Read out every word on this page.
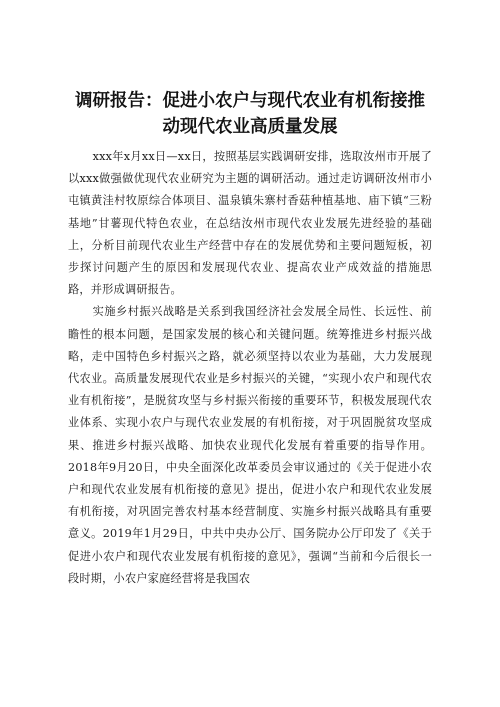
调研报告：促进小农户与现代农业有机衔接推
动现代农业高质量发展

xxx年x月xx日—xx日，按照基层实践调研安排，选取汝州市开展了以xxx做强做优现代农业研究为主题的调研活动。通过走访调研汝州市小屯镇黄洼村牧原综合体项目、温泉镇朱寨村香菇种植基地、庙下镇“三粉基地”甘薯现代特色农业，在总结汝州市现代农业发展先进经验的基础上，分析目前现代农业生产经营中存在的发展优势和主要问题短板，初步探讨问题产生的原因和发展现代农业、提高农业产成效益的措施思路，并形成调研报告。

实施乡村振兴战略是关系到我国经济社会发展全局性、长远性、前瞻性的根本问题，是国家发展的核心和关键问题。统筹推进乡村振兴战略，走中国特色乡村振兴之路，就必须坚持以农业为基础，大力发展现代农业。高质量发展现代农业是乡村振兴的关键，“实现小农户和现代农业有机衔接”，是脱贫攻坚与乡村振兴衔接的重要环节，积极发展现代农业体系、实现小农户与现代农业发展的有机衔接，对于巩固脱贫攻坚成果、推进乡村振兴战略、加快农业现代化发展有着重要的指导作用。2018年9月20日，中央全面深化改革委员会审议通过的《关于促进小农户和现代农业发展有机衔接的意见》提出，促进小农户和现代农业发展有机衔接，对巩固完善农村基本经营制度、实施乡村振兴战略具有重要意义。2019年1月29日，中共中央办公厅、国务院办公厅印发了《关于促进小农户和现代农业发展有机衔接的意见》，强调“当前和今后很长一段时期，小农户家庭经营将是我国农
